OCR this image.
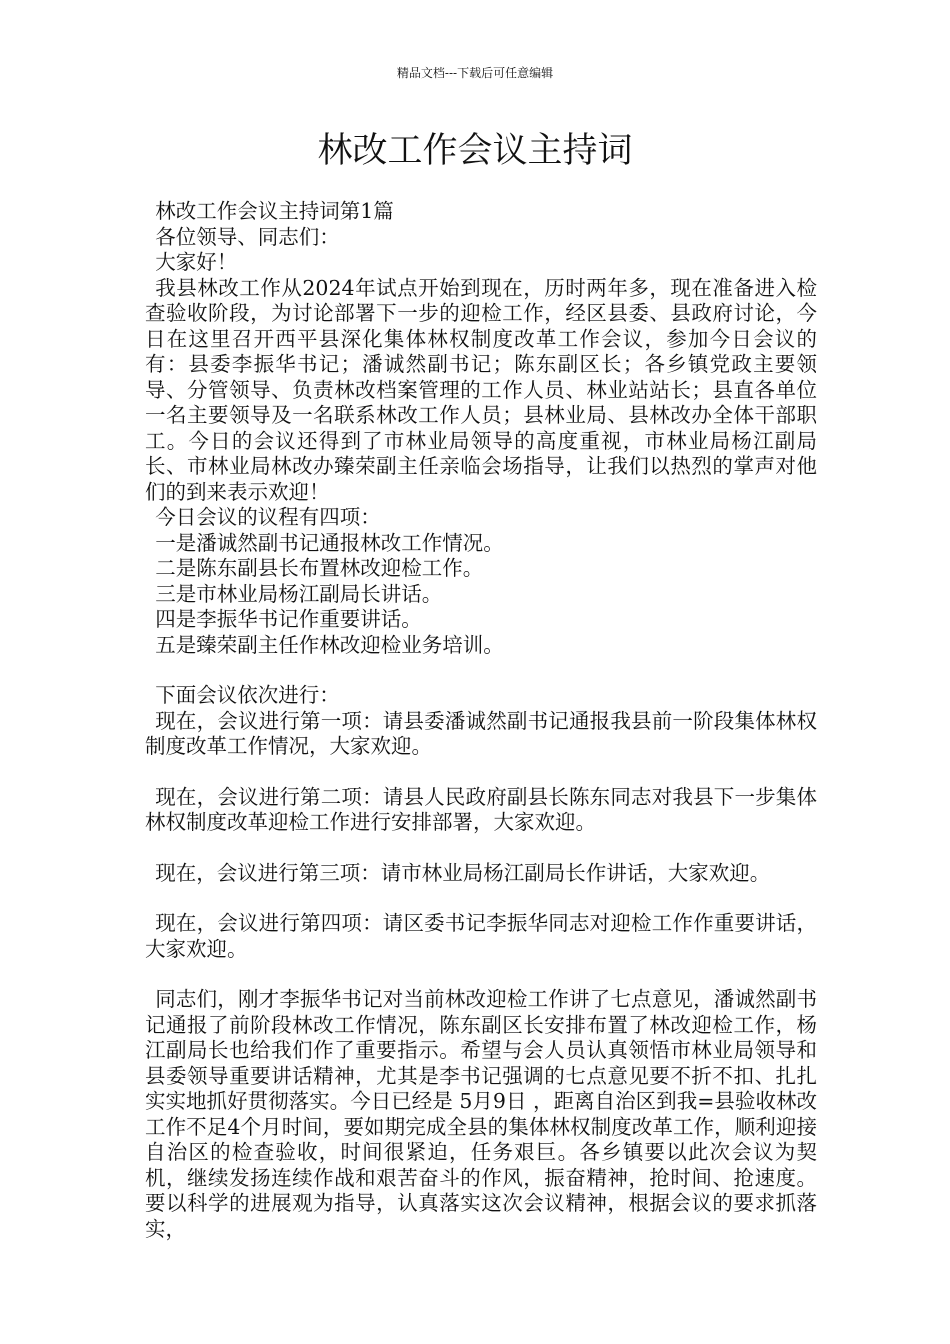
精品文档---下载后可任意编辑
林改工作会议主持词

林改工作会议主持词第1篇

各位领导、同志们：

大家好！

我县林改工作从2024年试点开始到现在，历时两年多，现在准备进入检查验收阶段，为讨论部署下一步的迎检工作，经区县委、县政府讨论，今日在这里召开西平县深化集体林权制度改革工作会议，参加今日会议的有：县委李振华书记；潘诚然副书记；陈东副区长；各乡镇党政主要领导、分管领导、负责林改档案管理的工作人员、林业站站长；县直各单位一名主要领导及一名联系林改工作人员；县林业局、县林改办全体干部职工。今日的会议还得到了市林业局领导的高度重视，市林业局杨江副局长、市林业局林改办臻荣副主任亲临会场指导，让我们以热烈的掌声对他们的到来表示欢迎！

今日会议的议程有四项：

一是潘诚然副书记通报林改工作情况。

二是陈东副县长布置林改迎检工作。

三是市林业局杨江副局长讲话。

四是李振华书记作重要讲话。

五是臻荣副主任作林改迎检业务培训。

下面会议依次进行：

现在，会议进行第一项：请县委潘诚然副书记通报我县前一阶段集体林权制度改革工作情况，大家欢迎。

现在，会议进行第二项：请县人民政府副县长陈东同志对我县下一步集体林权制度改革迎检工作进行安排部署，大家欢迎。

现在，会议进行第三项：请市林业局杨江副局长作讲话，大家欢迎。

现在，会议进行第四项：请区委书记李振华同志对迎检工作作重要讲话，大家欢迎。

同志们，刚才李振华书记对当前林改迎检工作讲了七点意见，潘诚然副书记通报了前阶段林改工作情况，陈东副区长安排布置了林改迎检工作，杨江副局长也给我们作了重要指示。希望与会人员认真领悟市林业局领导和县委领导重要讲话精神，尤其是李书记强调的七点意见要不折不扣、扎扎实实地抓好贯彻落实。今日已经是 5月9日 ，距离自治区到我=县验收林改工作不足4个月时间，要如期完成全县的集体林权制度改革工作，顺利迎接自治区的检查验收，时间很紧迫，任务艰巨。各乡镇要以此次会议为契机，继续发扬连续作战和艰苦奋斗的作风，振奋精神，抢时间、抢速度。要以科学的进展观为指导，认真落实这次会议精神，根据会议的要求抓落实，
